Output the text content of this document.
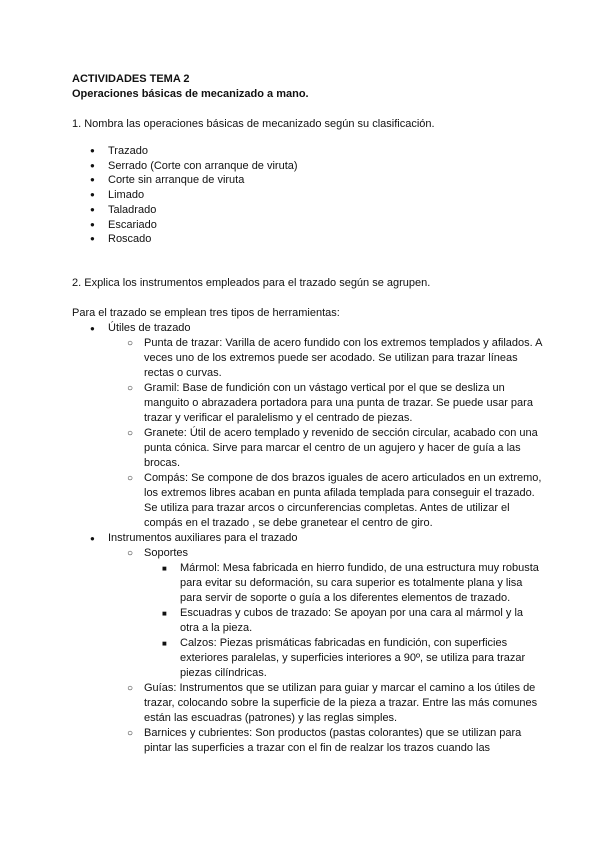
ACTIVIDADES TEMA 2
Operaciones básicas de mecanizado a mano.
1. Nombra las operaciones básicas de mecanizado según su clasificación.
● Trazado
● Serrado (Corte con arranque de viruta)
● Corte sin arranque de viruta
● Limado
● Taladrado
● Escariado
● Roscado
2. Explica los instrumentos empleados para el trazado según se agrupen.

Para el trazado se emplean tres tipos de herramientas:

● Útiles de trazado
○ Punta de trazar: Varilla de acero fundido con los extremos templados y afilados. A veces uno de los extremos puede ser acodado. Se utilizan para trazar líneas rectas o curvas.
○ Gramil: Base de fundición con un vástago vertical por el que se desliza un manguito o abrazadera portadora para una punta de trazar. Se puede usar para trazar y verificar el paralelismo y el centrado de piezas.
○ Granete: Útil de acero templado y revenido de sección circular, acabado con una punta cónica. Sirve para marcar el centro de un agujero y hacer de guía a las brocas.
○ Compás: Se compone de dos brazos iguales de acero articulados en un extremo, los extremos libres acaban en punta afilada templada para conseguir el trazado. Se utiliza para trazar arcos o circunferencias completas. Antes de utilizar el compás en el trazado , se debe granetear el centro de giro.
● Instrumentos auxiliares para el trazado
○ Soportes
■ Mármol: Mesa fabricada en hierro fundido, de una estructura muy robusta para evitar su deformación, su cara superior es totalmente plana y lisa para servir de soporte o guía a los diferentes elementos de trazado.
■ Escuadras y cubos de trazado: Se apoyan por una cara al mármol y la otra a la pieza.
■ Calzos: Piezas prismáticas fabricadas en fundición, con superficies exteriores paralelas, y superficies interiores a 90º, se utiliza para trazar piezas cilíndricas.
○ Guías: Instrumentos que se utilizan para guiar y marcar el camino a los útiles de trazar, colocando sobre la superficie de la pieza a trazar. Entre las más comunes están las escuadras (patrones) y las reglas simples.
○ Barnices y cubrientes: Son productos (pastas colorantes) que se utilizan para pintar las superficies a trazar con el fin de realzar los trazos cuando las
